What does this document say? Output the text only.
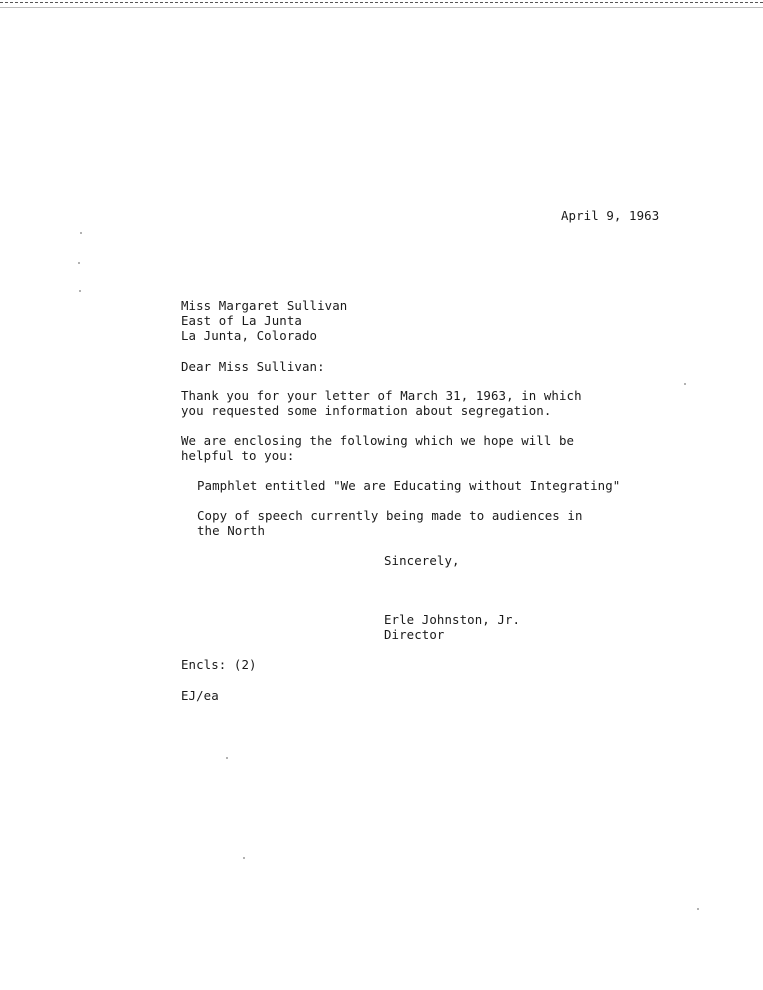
April 9, 1963
Miss Margaret Sullivan
East of La Junta
La Junta, Colorado
Dear Miss Sullivan:
Thank you for your letter of March 31, 1963, in which
you requested some information about segregation.
We are enclosing the following which we hope will be
helpful to you:
Pamphlet entitled "We are Educating without Integrating"
Copy of speech currently being made to audiences in
the North
Sincerely,
Erle Johnston, Jr.
Director
Encls: (2)
EJ/ea
